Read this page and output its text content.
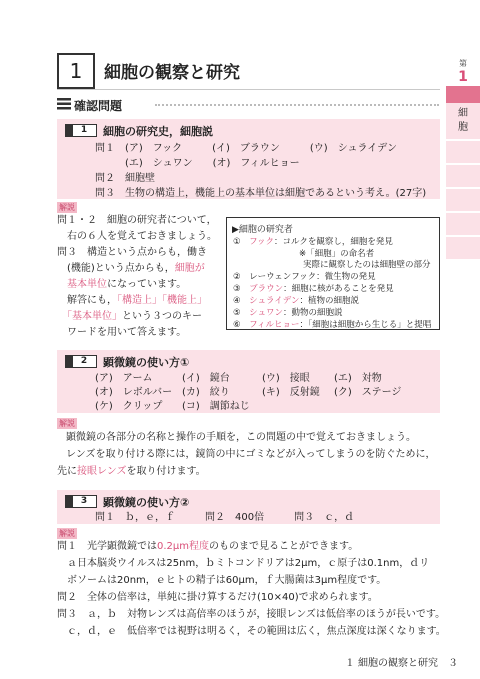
1	細胞の観察と研究	第
1
細
胞
確認問題
1	細胞の研究史，細胞説
問１　(ア)　フック　　　(イ)　ブラウン　　　(ウ)　シュライデン
　　　(エ)　シュワン　　(オ)　フィルヒョー
問２　細胞壁
問３　生物の構造上，機能上の基本単位は細胞であるという考え。(27字)
解説
問１・２　細胞の研究者について，
　右の６人を覚えておきましょう。
問３　構造という点からも，働き
　(機能)という点からも，細胞が
　基本単位になっています。
　解答にも，「構造上」「機能上」
　「基本単位」という３つのキー
　ワードを用いて答えます。
▶細胞の研究者
①　フック：コルクを観察し，細胞を発見
※「細胞」の命名者
実際に観察したのは細胞壁の部分
②　レーウェンフック：微生物の発見
③　ブラウン：細胞に核があることを発見
④　シュライデン：植物の細胞説
⑤　シュワン：動物の細胞説
⑥　フィルヒョー：「細胞は細胞から生じる」と提唱
2	顕微鏡の使い方①
(ア)　アーム	(イ)　鏡台	(ウ)　接眼 (エ)　対物
(オ)　レボルバー (カ)　絞り	(キ)　反射鏡 (ク)　ステージ
(ケ)　クリップ (コ)　調節ねじ
解説
顕微鏡の各部分の名称と操作の手順を，この問題の中で覚えておきましょう。
レンズを取り付ける際には，鏡筒の中にゴミなどが入ってしまうのを防ぐために，
先に接眼レンズを取り付けます。
3	顕微鏡の使い方②
問１　ｂ，ｅ，ｆ　　　問２　400倍　　　問３　ｃ，ｄ
解説
問１　光学顕微鏡では0.2μm程度のものまで見ることができます。
　ａ日本脳炎ウイルスは25nm，ｂミトコンドリアは2μm，ｃ原子は0.1nm，ｄリ
　ボソームは20nm，ｅヒトの精子は60μm，ｆ大腸菌は3μm程度です。
問２　全体の倍率は，単純に掛け算するだけ(10×40)で求められます。
問３　ａ，ｂ　対物レンズは高倍率のほうが，接眼レンズは低倍率のほうが長いです。
　ｃ，ｄ，ｅ　低倍率では視野は明るく，その範囲は広く，焦点深度は深くなります。
１ 細胞の観察と研究　３
